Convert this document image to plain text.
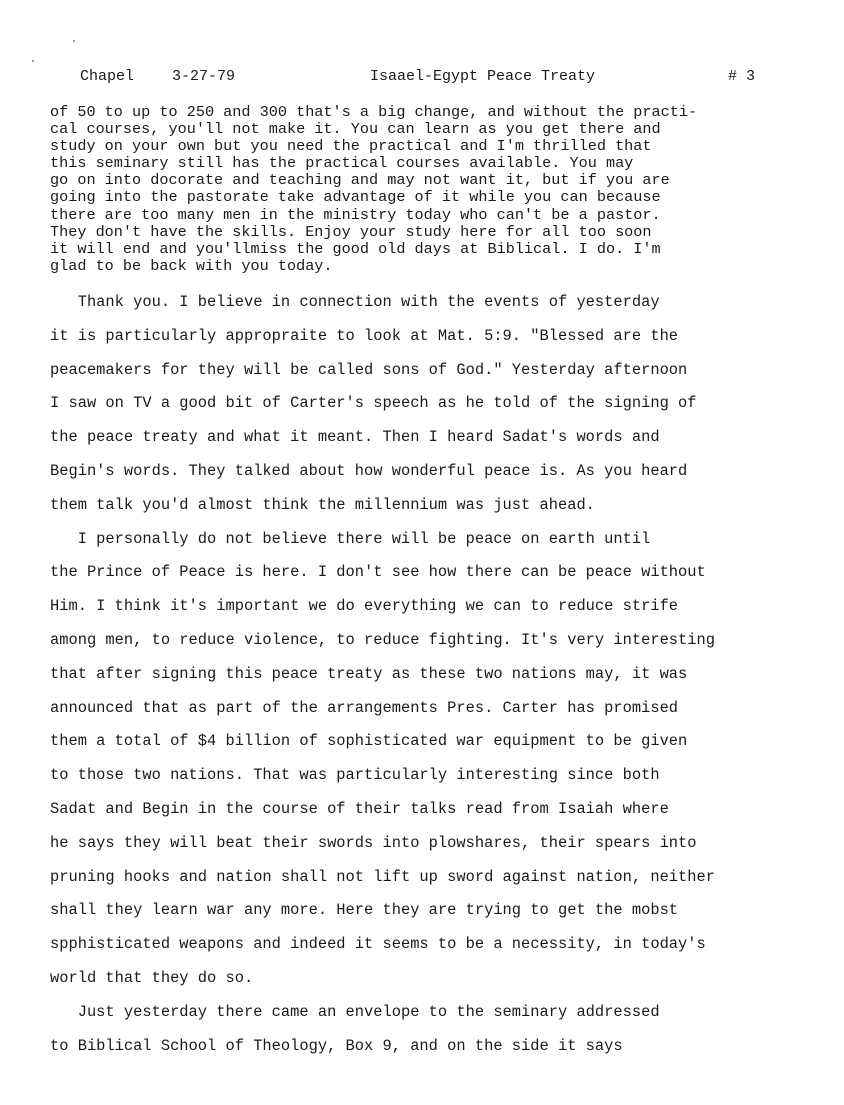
Chapel	3-27-79	Isaael-Egypt Peace Treaty	# 3
of 50 to up to 250 and 300 that's a big change, and without the practi-
cal courses, you'll not make it. You can learn as you get there and
study on your own but you need the practical and I'm thrilled that
this seminary still has the practical courses available. You may
go on into docorate and teaching and may not want it, but if you are
going into the pastorate take advantage of it while you can because
there are too many men in the ministry today who can't be a pastor.
They don't have the skills. Enjoy your study here for all too soon
it will end and you'llmiss the good old days at Biblical. I do. I'm
glad to be back with you today.

Thank you. I believe in connection with the events of yesterday

it is particularly appropraite to look at Mat. 5:9. "Blessed are the

peacemakers for they will be called sons of God." Yesterday afternoon

I saw on TV a good bit of Carter's speech as he told of the signing of

the peace treaty and what it meant. Then I heard Sadat's words and

Begin's words. They talked about how wonderful peace is. As you heard

them talk you'd almost think the millennium was just ahead.

I personally do not believe there will be peace on earth until

the Prince of Peace is here. I don't see how there can be peace without

Him. I think it's important we do everything we can to reduce strife

among men, to reduce violence, to reduce fighting. It's very interesting

that after signing this peace treaty as these two nations may, it was

announced that as part of the arrangements Pres. Carter has promised

them a total of $4 billion of sophisticated war equipment to be given

to those two nations. That was particularly interesting since both

Sadat and Begin in the course of their talks read from Isaiah where

he says they will beat their swords into plowshares, their spears into

pruning hooks and nation shall not lift up sword against nation, neither

shall they learn war any more. Here they are trying to get the mobst

spphisticated weapons and indeed it seems to be a necessity, in today's

world that they do so.

Just yesterday there came an envelope to the seminary addressed

to Biblical School of Theology, Box 9, and on the side it says
